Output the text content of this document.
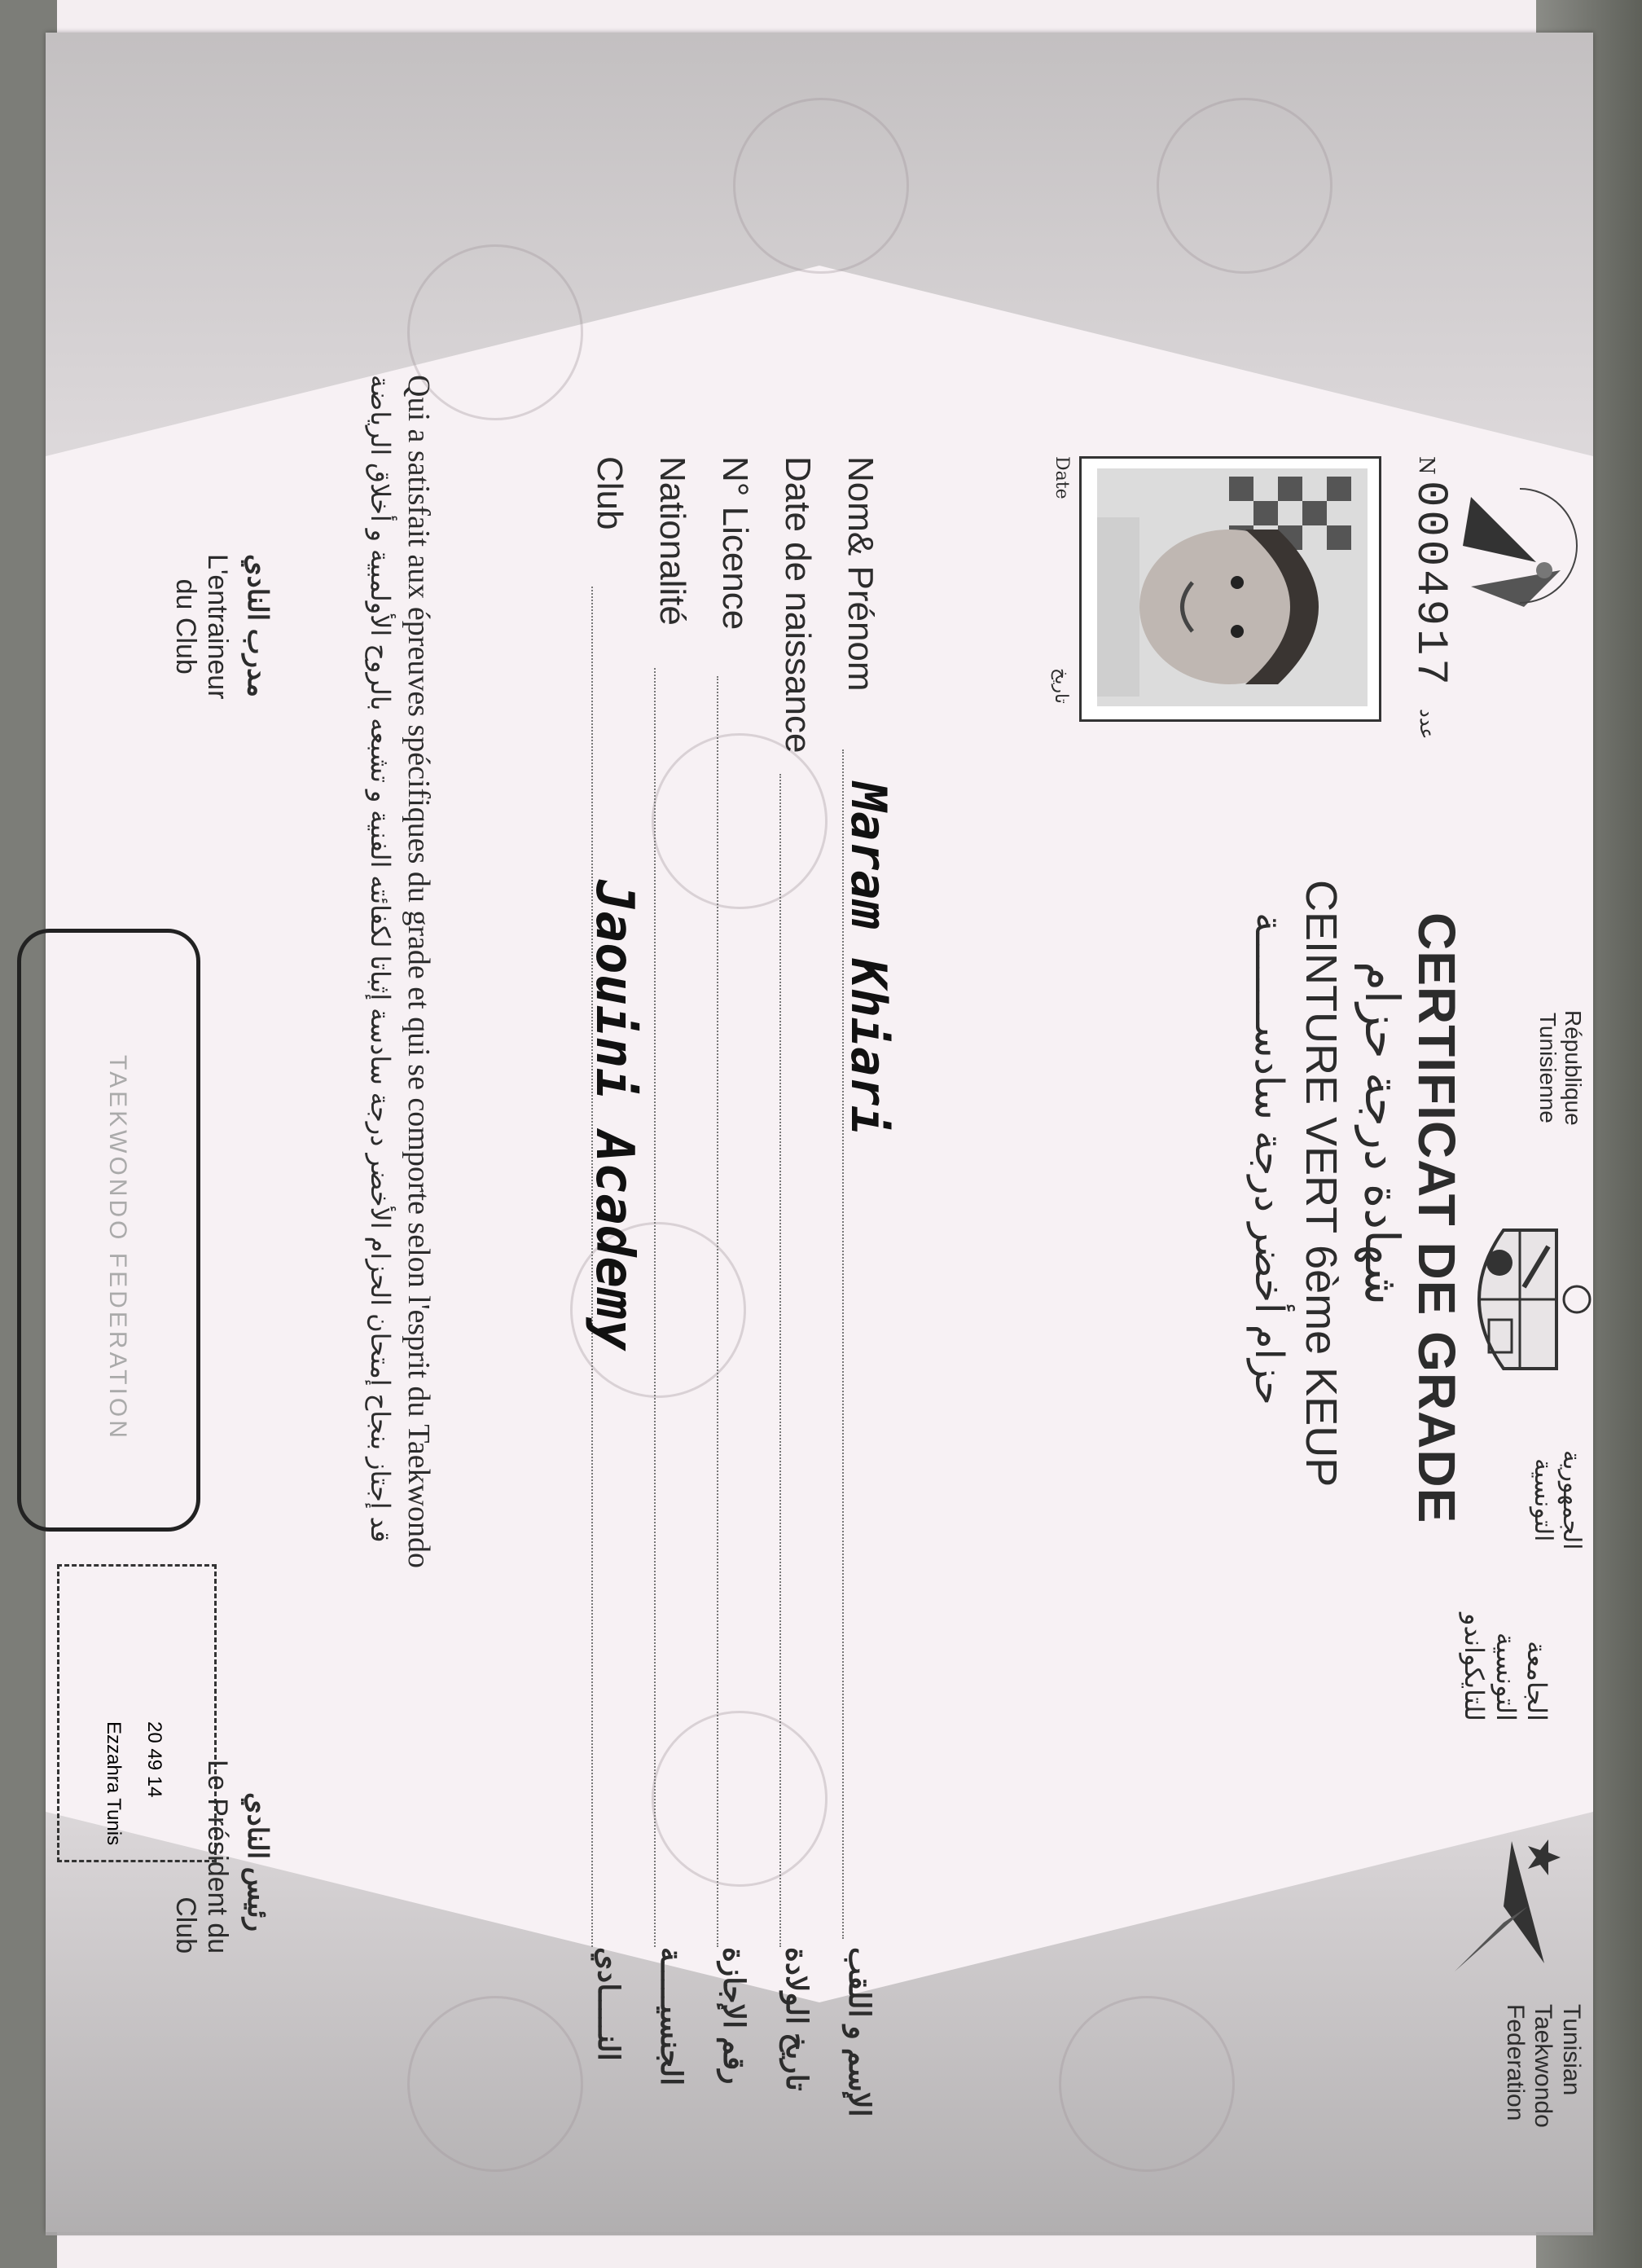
N
0004917
عدد
Date
تاريخ
République
Tunisienne
الجمهورية
التونسية
الجامعة
التونسية
للتايكواندو
Tunisian
Taekwondo
Federation
CERTIFICAT DE GRADE
شهادة درجة حزام
CEINTURE VERT 6ème KEUP
حزام أخضر درجة سادســــــــة
Nom& Prénom
Maram Khiari
الإسم و اللقب
Date de naissance
تاريخ الولادة
N° Licence
رقم الإجازة
Nationalité
الجنسيـــــة
Club
Jaouini Academy
النـــــادي
Qui a satisfait aux épreuves spécifiques du grade et qui se comporte selon l'esprit du Taekwondo
قد إجتاز بنجاح إمتحان الحزام الأخضر درجة سادسة إثباتا لكفائته الفنية و تشبعه بالروح الأولمبية و أخلاق الرياضة
مدرب النادي
L'entraineur
du Club
TAEKWONDO FEDERATION
20 49 14
Ezzahra Tunis
رئيس النادي
Le Président du
Club
